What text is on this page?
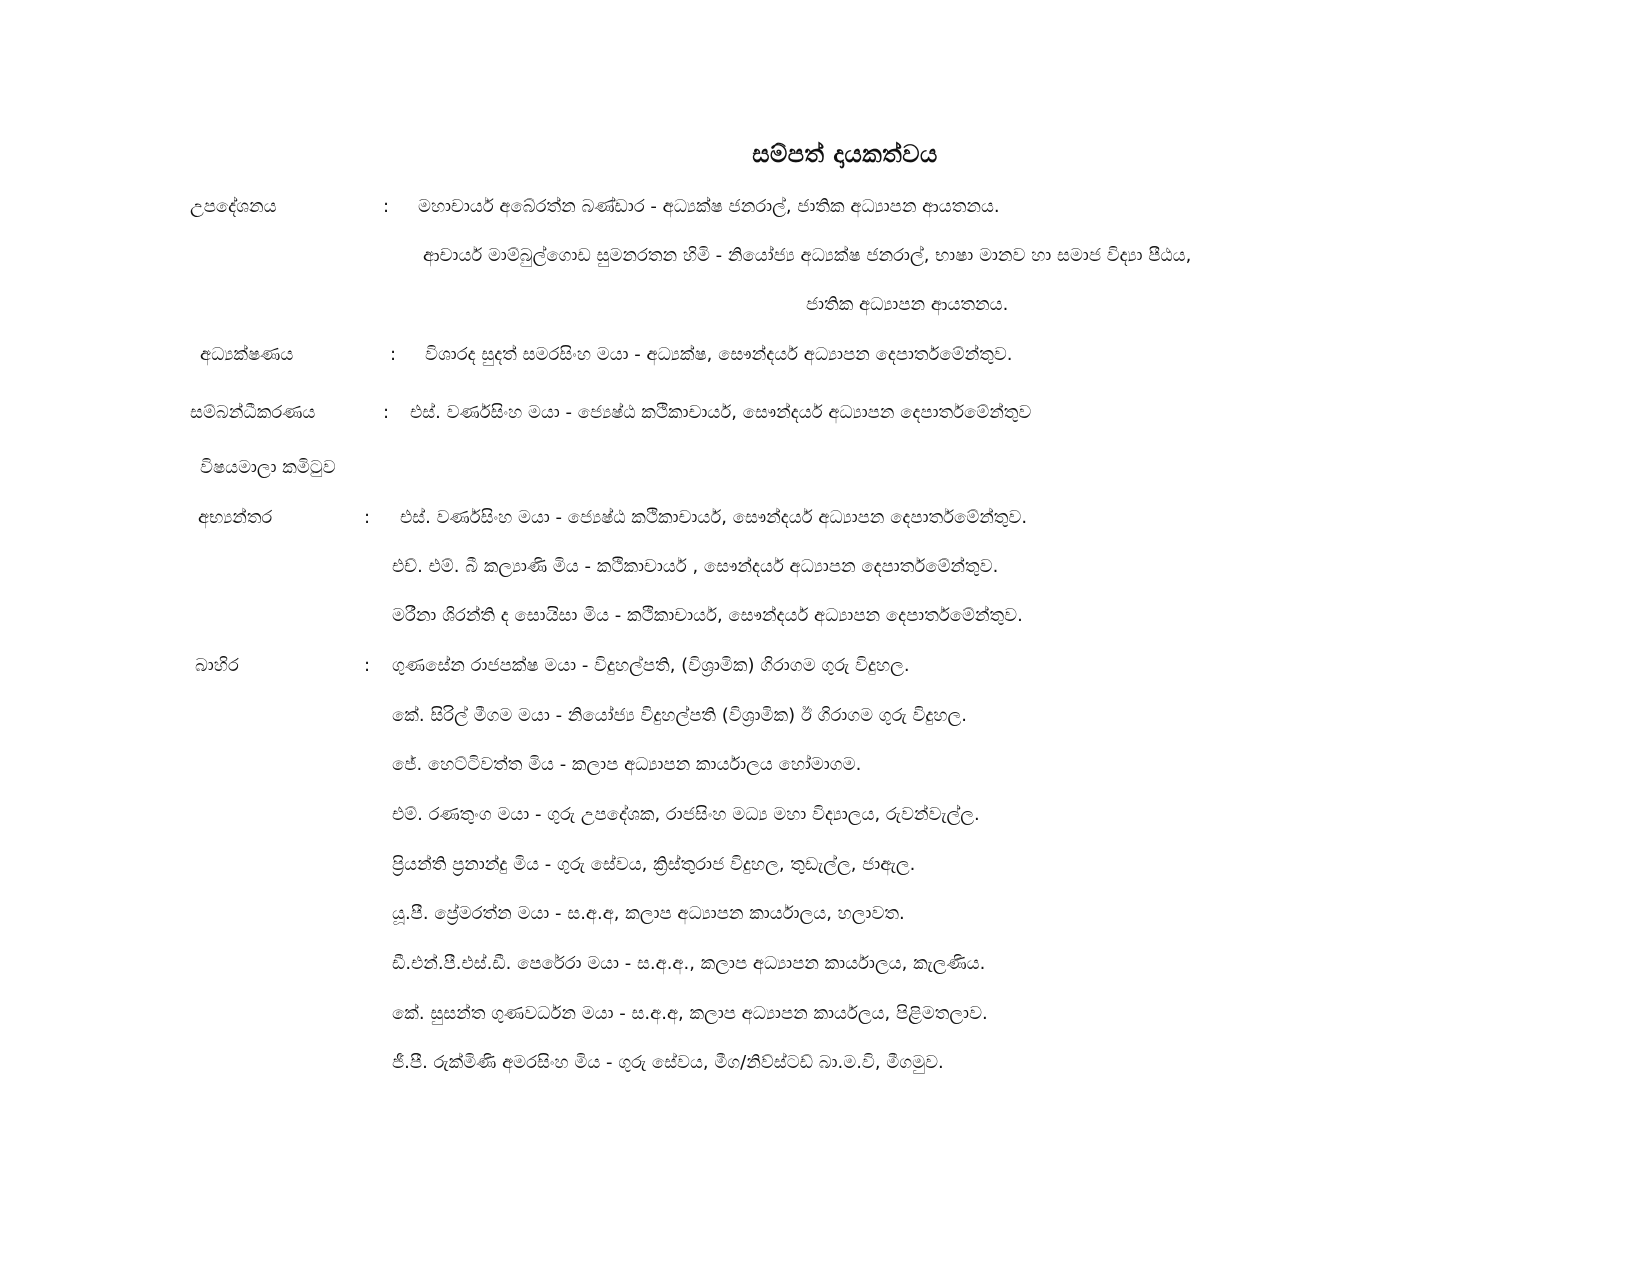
සම්පත් දායකත්වය
උපදේශනය	: මහාචාර්ය අබේරත්න බණ්ඩාර - අධ්‍යක්ෂ ජනරාල්, ජාතික අධ්‍යාපන ආයතනය.
ආචාර්ය මාම්බුල්ගොඩ සුමනරතන හිමි - නියෝජ්‍ය අධ්‍යක්ෂ ජනරාල්, භාෂා මානව හා සමාජ විද්‍යා පීඨය,
ජාතික අධ්‍යාපන ආයතනය.
අධ්‍යක්ෂණය	: විශාරද සුදත් සමරසිංහ මයා - අධ්‍යක්ෂ, සෞන්දර්ය අධ්‍යාපන දෙපාර්තමේන්තුව.
සම්බන්ධීකරණය	: එස්. වර්ණසිංහ මයා - ජ්‍යෙෂ්ඨ කථිකාචාර්ය, සෞන්දර්ය අධ්‍යාපන දෙපාර්තමේන්තුව
විෂයමාලා කමිටුව
අභ්‍යන්තර	: එස්. වර්ණසිංහ මයා - ජ්‍යෙෂ්ඨ කථිකාචාර්ය, සෞන්දර්ය අධ්‍යාපන දෙපාර්තමේන්තුව.
එච්. එම්. බී කල්‍යාණි මිය - කථිකාචාර්ය , සෞන්දර්ය අධ්‍යාපන දෙපාර්තමේන්තුව.
මරීනා ශිරන්ති ද සොයිසා මිය - කථිකාචාර්ය, සෞන්දර්ය අධ්‍යාපන දෙපාර්තමේන්තුව.
බාහිර	: ගුණසේන රාජපක්ෂ මයා - විදුහල්පති, (විශ්‍රාමික) ගිරාගම ගුරු විදුහල.
කේ. සිරිල් මීගම මයා - නියෝජ්‍ය විදුහල්පති (විශ්‍රාමික) ඊ ගිරාගම ගුරු විදුහල.
ජේ. හෙට්ටිවත්ත මිය - කලාප අධ්‍යාපන කාර්යාලය හෝමාගම.
එම්. රණතුංග මයා - ගුරු උපදේශක, රාජසිංහ මධ්‍ය මහා විද්‍යාලය, රුවන්වැල්ල.
ප්‍රියන්ති ප්‍රනාන්දු මිය - ගුරු සේවය, ක්‍රිස්තුරාජ විදුහල, තුඩැල්ල, ජාඇල.
යූ.පී. ප්‍රේමරත්න මයා - ස.අ.අ, කලාප අධ්‍යාපන කාර්යාලය, හලාවත.
ඩී.එන්.පී.එස්.ඩී. පෙරේරා මයා - ස.අ.අ., කලාප අධ්‍යාපන කාර්යාලය, කැලණිය.
කේ. සුසන්ත ගුණවර්ධන මයා - ස.අ.අ, කලාප අධ්‍යාපන කාර්යලය, පිළිමතලාව.
ජී.පී. රුක්මිණි අමරසිංහ මිය - ගුරු සේවය, මීග/නිව්ස්ටඩ් බා.ම.වි, මීගමුව.
